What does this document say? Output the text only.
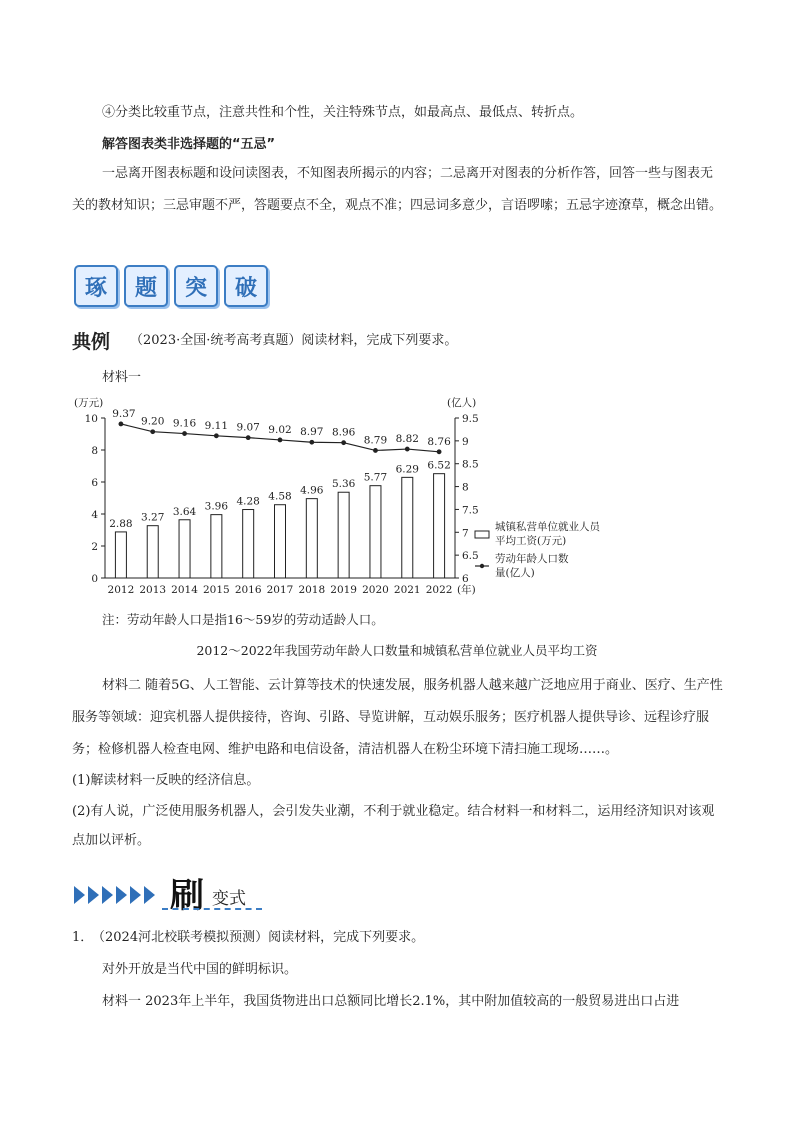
④分类比较重节点，注意共性和个性，关注特殊节点，如最高点、最低点、转折点。
解答图表类非选择题的“五忌”
一忌离开图表标题和设问读图表，不知图表所揭示的内容；二忌离开对图表的分析作答，回答一些与图表无关的教材知识；三忌审题不严，答题要点不全，观点不准；四忌词多意少，言语啰嗦；五忌字迹潦草，概念出错。
琢	题	突	破
典例 （2023·全国·统考高考真题）阅读材料，完成下列要求。
材料一
0
2
4
6
8
10
(万元)
6
6.5
7
7.5
8
8.5
9
9.5
(亿人)
2012 2013 2014 2015 2016 2017 2018 2019 2020 2021 2022 (年)
2.88
3.27 3.64 3.96 4.28 4.58
4.96
5.36
5.77
6.29 6.52
9.37
9.20 9.16 9.11 9.07 9.02 8.97 8.96
8.79 8.82 8.76
城镇私营单位就业人员
平均工资(万元)
劳动年龄人口数
量(亿人)
注：劳动年龄人口是指16～59岁的劳动适龄人口。
2012～2022年我国劳动年龄人口数量和城镇私营单位就业人员平均工资
材料二 随着5G、人工智能、云计算等技术的快速发展，服务机器人越来越广泛地应用于商业、医疗、生产性服务等领域：迎宾机器人提供接待，咨询、引路、导览讲解，互动娱乐服务；医疗机器人提供导诊、远程诊疗服务；检修机器人检查电网、维护电路和电信设备，清洁机器人在粉尘环境下清扫施工现场……。
(1)解读材料一反映的经济信息。
(2)有人说，广泛使用服务机器人，会引发失业潮，不利于就业稳定。结合材料一和材料二，运用经济知识对该观点加以评析。
刷 变式
1．
（2024河北校联考模拟预测）阅读材料，完成下列要求。
对外开放是当代中国的鲜明标识。
材料一 2023年上半年，我国货物进出口总额同比增长2.1%，其中附加值较高的一般贸易进出口占进
